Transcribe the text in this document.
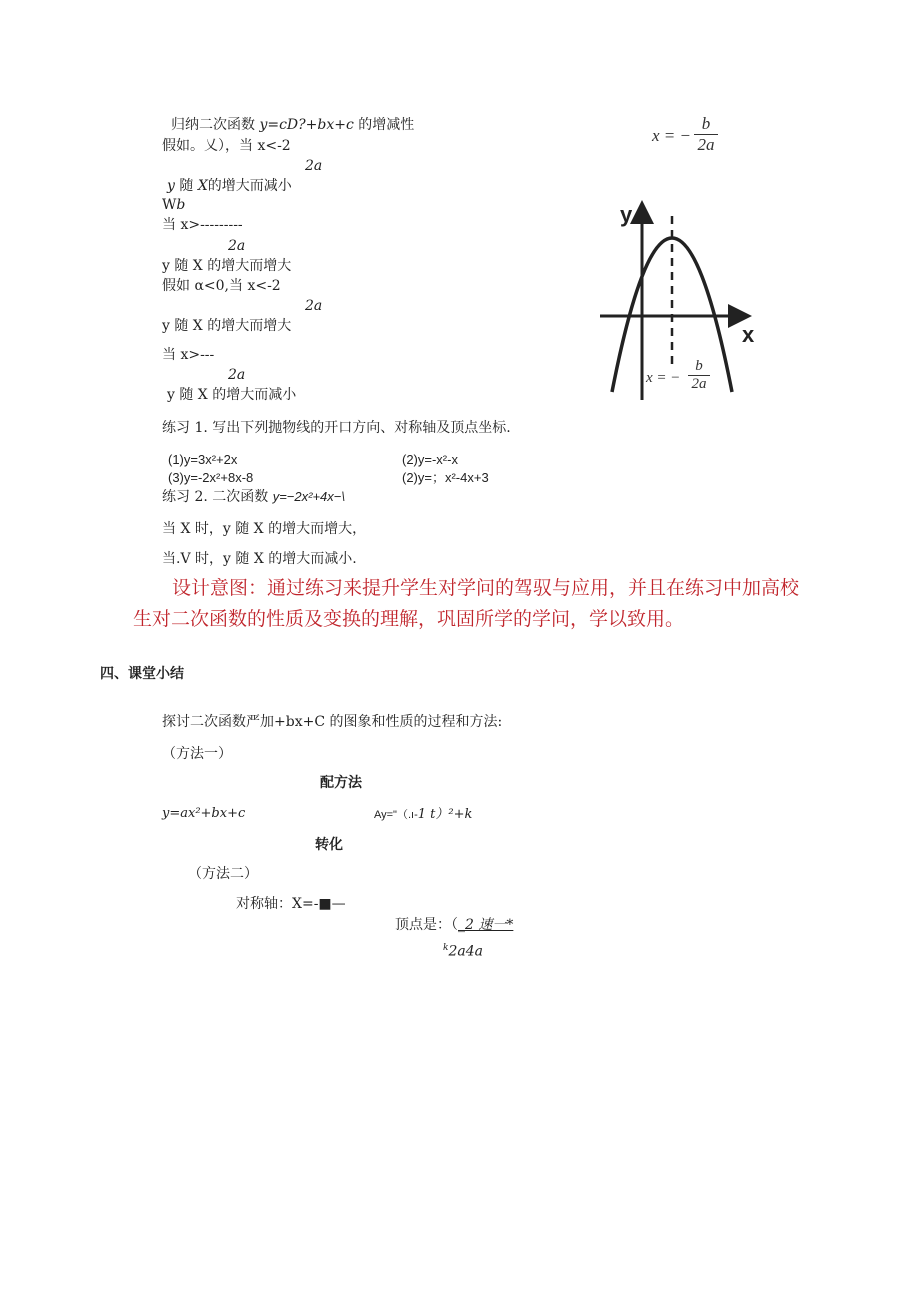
归纳二次函数 y=cD?+bx+c 的增减性
假如。乂），当 x<-2
2a
y 随 X的增大而减小
Wb
当 x>---------
2a
y 随 X 的增大而增大
假如 α<0,当 x<-2
2a
y 随 X 的增大而增大
当 x>---
2a
y 随 X 的增大而减小
x = −
b
2a
y
x
x = −
b
2a
练习 1. 写出下列抛物线的开口方向、对称轴及顶点坐标.
(1)y=3x²+2x	(2)y=-x²-x
(3)y=-2x²+8x-8	(2)y=；x²-4x+3
练习 2. 二次函数 y=−2x²+4x−\
当 X 时，y 随 X 的增大而增大，
当.V 时，y 随 X 的增大而减小.
设计意图：通过练习来提升学生对学问的驾驭与应用，并且在练习中加高校
生对二次函数的性质及变换的理解，巩固所学的学问，学以致用。
四、课堂小结
探讨二次函数严加+bx+C 的图象和性质的过程和方法:
（方法一）
配方法
y=ax²+bx+c	Ay="（.ı-1 t）²+k
转化
（方法二）
对称轴：X=-■—
顶点是：（_2 速一*
$^k$2a4a
